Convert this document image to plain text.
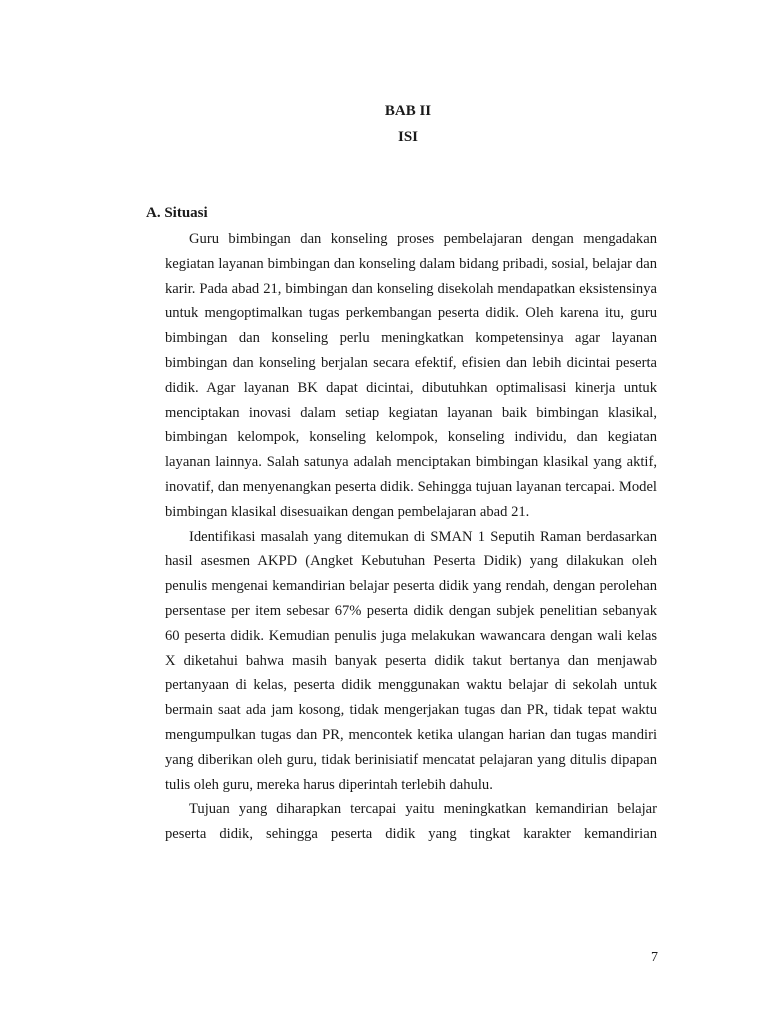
BAB II
ISI
A. Situasi

Guru bimbingan dan konseling proses pembelajaran dengan mengadakan kegiatan layanan bimbingan dan konseling dalam bidang pribadi, sosial, belajar dan karir. Pada abad 21, bimbingan dan konseling disekolah mendapatkan eksistensinya untuk mengoptimalkan tugas perkembangan peserta didik. Oleh karena itu, guru bimbingan dan konseling perlu meningkatkan kompetensinya agar layanan bimbingan dan konseling berjalan secara efektif, efisien dan lebih dicintai peserta didik. Agar layanan BK dapat dicintai, dibutuhkan optimalisasi kinerja untuk menciptakan inovasi dalam setiap kegiatan layanan baik bimbingan klasikal, bimbingan kelompok, konseling kelompok, konseling individu, dan kegiatan layanan lainnya. Salah satunya adalah menciptakan bimbingan klasikal yang aktif, inovatif, dan menyenangkan peserta didik. Sehingga tujuan layanan tercapai. Model bimbingan klasikal disesuaikan dengan pembelajaran abad 21.

Identifikasi masalah yang ditemukan di SMAN 1 Seputih Raman berdasarkan hasil asesmen AKPD (Angket Kebutuhan Peserta Didik) yang dilakukan oleh penulis mengenai kemandirian belajar peserta didik yang rendah, dengan perolehan persentase per item sebesar 67% peserta didik dengan subjek penelitian sebanyak 60 peserta didik. Kemudian penulis juga melakukan wawancara dengan wali kelas X diketahui bahwa masih banyak peserta didik takut bertanya dan menjawab pertanyaan di kelas, peserta didik menggunakan waktu belajar di sekolah untuk bermain saat ada jam kosong, tidak mengerjakan tugas dan PR, tidak tepat waktu mengumpulkan tugas dan PR, mencontek ketika ulangan harian dan tugas mandiri yang diberikan oleh guru, tidak berinisiatif mencatat pelajaran yang ditulis dipapan tulis oleh guru, mereka harus diperintah terlebih dahulu.

Tujuan yang diharapkan tercapai yaitu meningkatkan kemandirian belajar peserta didik, sehingga peserta didik yang tingkat karakter kemandirian

7
